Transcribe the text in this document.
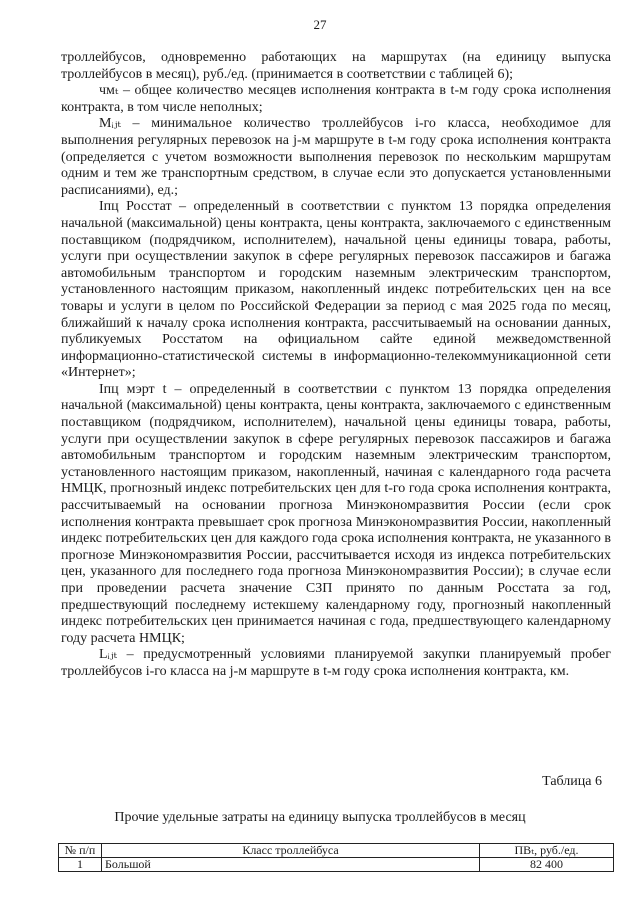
27

троллейбусов, одновременно работающих на маршрутах (на единицу выпуска троллейбусов в месяц), руб./ед. (принимается в соответствии с таблицей 6);

чмₜ – общее количество месяцев исполнения контракта в t-м году срока исполнения контракта, в том числе неполных;

Mᵢⱼₜ – минимальное количество троллейбусов i-го класса, необходимое для выполнения регулярных перевозок на j-м маршруте в t-м году срока исполнения контракта (определяется с учетом возможности выполнения перевозок по нескольким маршрутам одним и тем же транспортным средством, в случае если это допускается установленными расписаниями), ед.;

Iпц Росстат – определенный в соответствии с пунктом 13 порядка определения начальной (максимальной) цены контракта, цены контракта, заключаемого с единственным поставщиком (подрядчиком, исполнителем), начальной цены единицы товара, работы, услуги при осуществлении закупок в сфере регулярных перевозок пассажиров и багажа автомобильным транспортом и городским наземным электрическим транспортом, установленного настоящим приказом, накопленный индекс потребительских цен на все товары и услуги в целом по Российской Федерации за период с мая 2025 года по месяц, ближайший к началу срока исполнения контракта, рассчитываемый на основании данных, публикуемых Росстатом на официальном сайте единой межведомственной информационно-статистической системы в информационно-телекоммуникационной сети «Интернет»;

Iпц мэрт t – определенный в соответствии с пунктом 13 порядка определения начальной (максимальной) цены контракта, цены контракта, заключаемого с единственным поставщиком (подрядчиком, исполнителем), начальной цены единицы товара, работы, услуги при осуществлении закупок в сфере регулярных перевозок пассажиров и багажа автомобильным транспортом и городским наземным электрическим транспортом, установленного настоящим приказом, накопленный, начиная с календарного года расчета НМЦК, прогнозный индекс потребительских цен для t-го года срока исполнения контракта, рассчитываемый на основании прогноза Минэкономразвития России (если срок исполнения контракта превышает срок прогноза Минэкономразвития России, накопленный индекс потребительских цен для каждого года срока исполнения контракта, не указанного в прогнозе Минэкономразвития России, рассчитывается исходя из индекса потребительских цен, указанного для последнего года прогноза Минэкономразвития России); в случае если при проведении расчета значение СЗП принято по данным Росстата за год, предшествующий последнему истекшему календарному году, прогнозный накопленный индекс потребительских цен принимается начиная с года, предшествующего календарному году расчета НМЦК;

Lᵢⱼₜ – предусмотренный условиями планируемой закупки планируемый пробег троллейбусов i-го класса на j-м маршруте в t-м году срока исполнения контракта, км.

Таблица 6
Прочие удельные затраты на единицу выпуска троллейбусов в месяц
№ п/п	Класс троллейбуса	ПВₜ, руб./ед.
1	Большой	82 400
